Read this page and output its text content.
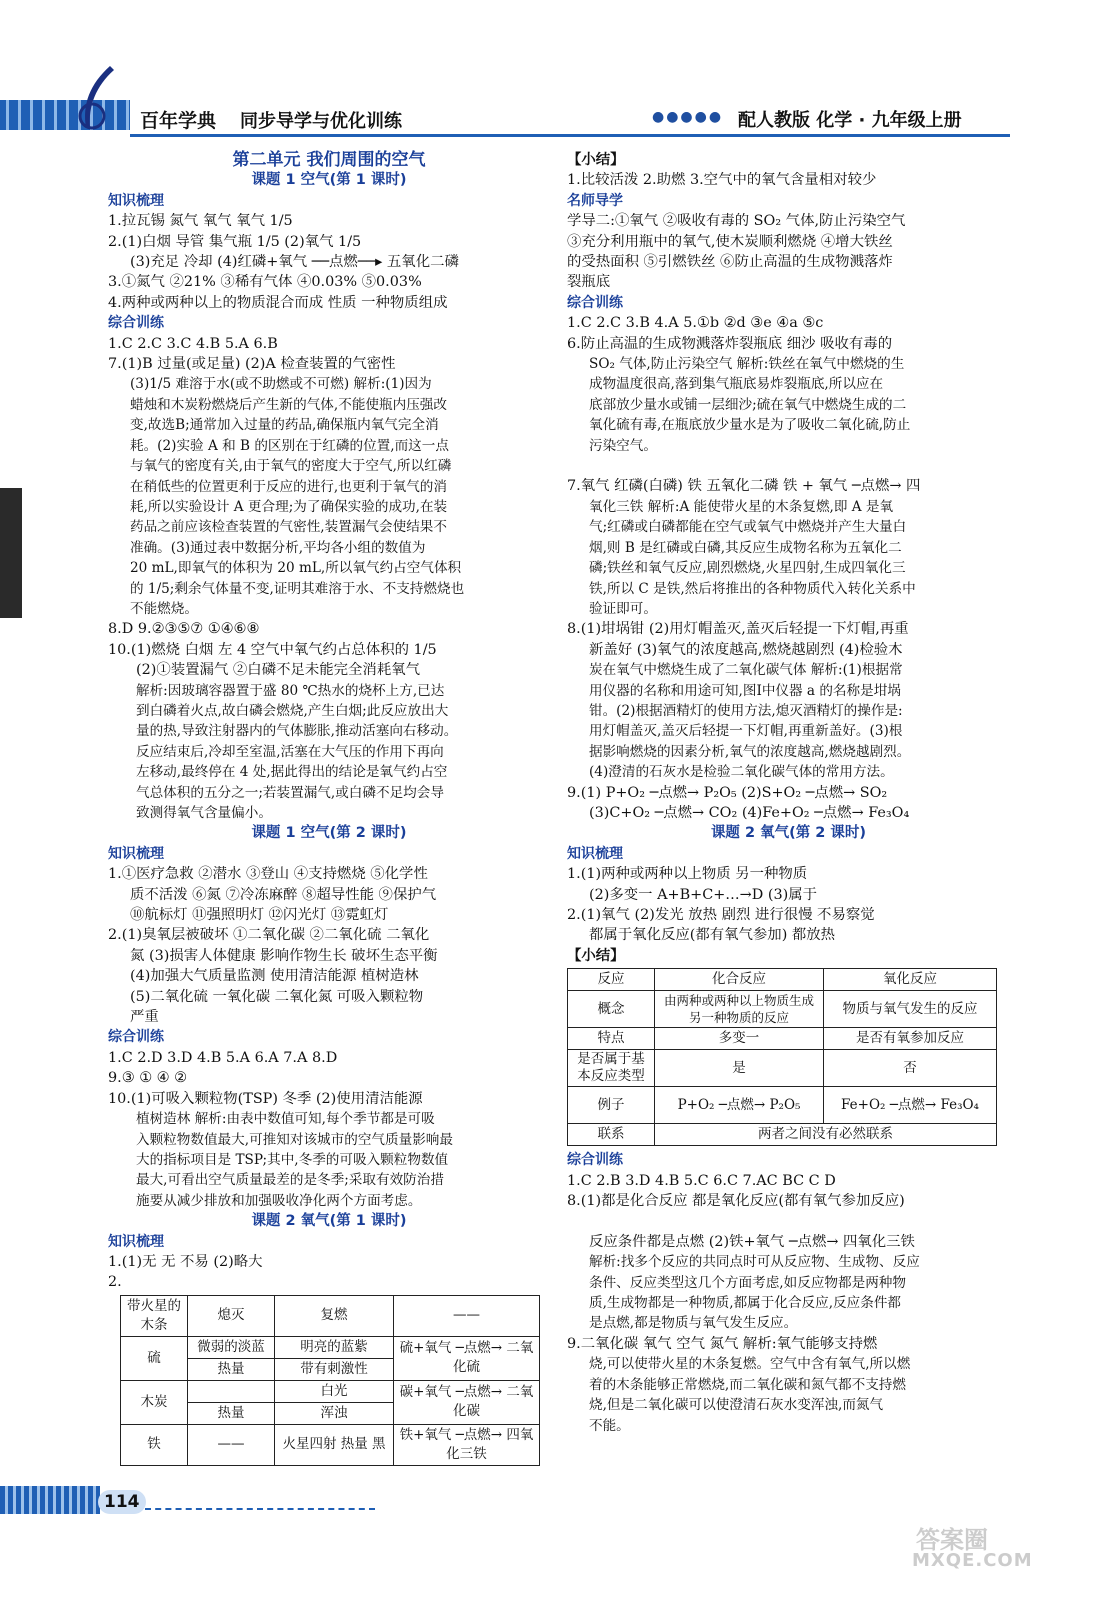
百年学典 同步导学与优化训练	●●●●● 配人教版 化学 · 九年级上册
第二单元 我们周围的空气
课题 1 空气(第 1 课时)
知识梳理
1.拉瓦锡 氮气 氧气 氧气 1/5
2.(1)白烟 导管 集气瓶 1/5 (2)氧气 1/5
(3)充足 冷却 (4)红磷+氧气 ──点燃──▸ 五氧化二磷
3.①氮气 ②21% ③稀有气体 ④0.03% ⑤0.03%
4.两种或两种以上的物质混合而成 性质 一种物质组成
综合训练
1.C 2.C 3.C 4.B 5.A 6.B
7.(1)B 过量(或足量) (2)A 检查装置的气密性
(3)1/5 难溶于水(或不助燃或不可燃) 解析:(1)因为
蜡烛和木炭粉燃烧后产生新的气体,不能使瓶内压强改
变,故选B;通常加入过量的药品,确保瓶内氧气完全消
耗。(2)实验 A 和 B 的区别在于红磷的位置,而这一点
与氧气的密度有关,由于氧气的密度大于空气,所以红磷
在稍低些的位置更利于反应的进行,也更利于氧气的消
耗,所以实验设计 A 更合理;为了确保实验的成功,在装
药品之前应该检查装置的气密性,装置漏气会使结果不
准确。(3)通过表中数据分析,平均各小组的数值为
20 mL,即氧气的体积为 20 mL,所以氧气约占空气体积
的 1/5;剩余气体量不变,证明其难溶于水、不支持燃烧也
不能燃烧。
8.D 9.②③⑤⑦ ①④⑥⑧
10.(1)燃烧 白烟 左 4 空气中氧气约占总体积的 1/5
(2)①装置漏气 ②白磷不足未能完全消耗氧气
解析:因玻璃容器置于盛 80 ℃热水的烧杯上方,已达
到白磷着火点,故白磷会燃烧,产生白烟;此反应放出大
量的热,导致注射器内的气体膨胀,推动活塞向右移动。
反应结束后,冷却至室温,活塞在大气压的作用下再向
左移动,最终停在 4 处,据此得出的结论是氧气约占空
气总体积的五分之一;若装置漏气,或白磷不足均会导
致测得氧气含量偏小。
课题 1 空气(第 2 课时)
知识梳理
1.①医疗急救 ②潜水 ③登山 ④支持燃烧 ⑤化学性
质不活泼 ⑥氮 ⑦冷冻麻醉 ⑧超导性能 ⑨保护气
⑩航标灯 ⑪强照明灯 ⑫闪光灯 ⑬霓虹灯
2.(1)臭氧层被破坏 ①二氧化碳 ②二氧化硫 二氧化
氮 (3)损害人体健康 影响作物生长 破坏生态平衡
(4)加强大气质量监测 使用清洁能源 植树造林
(5)二氧化硫 一氧化碳 二氧化氮 可吸入颗粒物
严重
综合训练
1.C 2.D 3.D 4.B 5.A 6.A 7.A 8.D
9.③ ① ④ ②
10.(1)可吸入颗粒物(TSP) 冬季 (2)使用清洁能源
植树造林 解析:由表中数值可知,每个季节都是可吸
入颗粒物数值最大,可推知对该城市的空气质量影响最
大的指标项目是 TSP;其中,冬季的可吸入颗粒物数值
最大,可看出空气质量最差的是冬季;采取有效防治措
施要从减少排放和加强吸收净化两个方面考虑。
课题 2 氧气(第 1 课时)
知识梳理
1.(1)无 无 不易 (2)略大
2.
带火星的木条	熄灭	复燃	——
硫	微弱的淡蓝	明亮的蓝紫	硫+氧气 ─点燃→ 二氧化硫
	热量	带有刺激性	
木炭		白光	碳+氧气 ─点燃→ 二氧化碳
	热量	浑浊	
铁	——	火星四射 热量 黑	铁+氧气 ─点燃→ 四氧化三铁
【小结】
1.比较活泼 2.助燃 3.空气中的氧气含量相对较少
名师导学
学导二:①氧气 ②吸收有毒的 SO₂ 气体,防止污染空气
③充分利用瓶中的氧气,使木炭顺利燃烧 ④增大铁丝
的受热面积 ⑤引燃铁丝 ⑥防止高温的生成物溅落炸
裂瓶底
综合训练
1.C 2.C 3.B 4.A 5.①b ②d ③e ④a ⑤c
6.防止高温的生成物溅落炸裂瓶底 细沙 吸收有毒的
SO₂ 气体,防止污染空气 解析:铁丝在氧气中燃烧的生
成物温度很高,落到集气瓶底易炸裂瓶底,所以应在
底部放少量水或铺一层细沙;硫在氧气中燃烧生成的二
氧化硫有毒,在瓶底放少量水是为了吸收二氧化硫,防止
污染空气。
7.氧气 红磷(白磷) 铁 五氧化二磷 铁 + 氧气 ─点燃→ 四
氧化三铁 解析:A 能使带火星的木条复燃,即 A 是氧
气;红磷或白磷都能在空气或氧气中燃烧并产生大量白
烟,则 B 是红磷或白磷,其反应生成物名称为五氧化二
磷;铁丝和氧气反应,剧烈燃烧,火星四射,生成四氧化三
铁,所以 C 是铁,然后将推出的各种物质代入转化关系中
验证即可。
8.(1)坩埚钳 (2)用灯帽盖灭,盖灭后轻提一下灯帽,再重
新盖好 (3)氧气的浓度越高,燃烧越剧烈 (4)检验木
炭在氧气中燃烧生成了二氧化碳气体 解析:(1)根据常
用仪器的名称和用途可知,图Ⅰ中仪器 a 的名称是坩埚
钳。(2)根据酒精灯的使用方法,熄灭酒精灯的操作是:
用灯帽盖灭,盖灭后轻提一下灯帽,再重新盖好。(3)根
据影响燃烧的因素分析,氧气的浓度越高,燃烧越剧烈。
(4)澄清的石灰水是检验二氧化碳气体的常用方法。
9.(1) P+O₂ ─点燃→ P₂O₅ (2)S+O₂ ─点燃→ SO₂
(3)C+O₂ ─点燃→ CO₂ (4)Fe+O₂ ─点燃→ Fe₃O₄
课题 2 氧气(第 2 课时)
知识梳理
1.(1)两种或两种以上物质 另一种物质
(2)多变一 A+B+C+…→D (3)属于
2.(1)氧气 (2)发光 放热 剧烈 进行很慢 不易察觉
都属于氧化反应(都有氧气参加) 都放热
【小结】
反应	化合反应	氧化反应
概念	由两种或两种以上物质生成另一种物质的反应	物质与氧气发生的反应
特点	多变一	是否有氧参加反应
是否属于基本反应类型	是	否
例子	P+O₂ ─点燃→ P₂O₅	Fe+O₂ ─点燃→ Fe₃O₄
联系	两者之间没有必然联系	
综合训练
1.C 2.B 3.D 4.B 5.C 6.C 7.AC BC C D
8.(1)都是化合反应 都是氧化反应(都有氧气参加反应)
反应条件都是点燃 (2)铁+氧气 ─点燃→ 四氧化三铁
解析:找多个反应的共同点时可从反应物、生成物、反应
条件、反应类型这几个方面考虑,如反应物都是两种物
质,生成物都是一种物质,都属于化合反应,反应条件都
是点燃,都是物质与氧气发生反应。
9.二氧化碳 氧气 空气 氮气 解析:氧气能够支持燃
烧,可以使带火星的木条复燃。空气中含有氧气,所以燃
着的木条能够正常燃烧,而二氧化碳和氮气都不支持燃
烧,但是二氧化碳可以使澄清石灰水变浑浊,而氮气
不能。
114
答案圈
MXQE.COM
